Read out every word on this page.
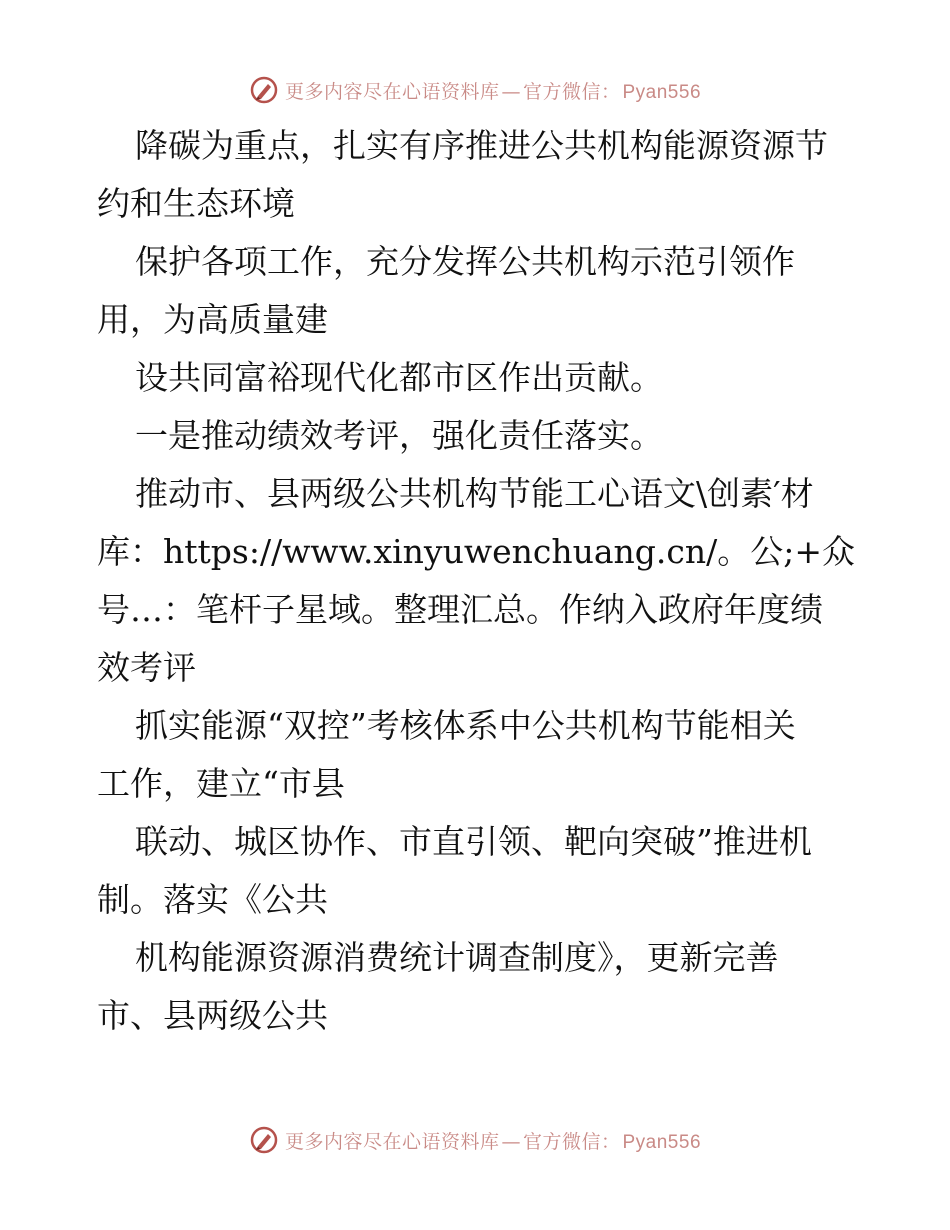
更多内容尽在心语资料库 — 官方微信： Pyan556
降碳为重点，扎实有序推进公共机构能源资源节
约和生态环境
保护各项工作，充分发挥公共机构示范引领作
用，为高质量建
设共同富裕现代化都市区作出贡献。
一是推动绩效考评，强化责任落实。
推动市、县两级公共机构节能工心语文\创素′材
库：https://www.xinyuwenchuang.cn/。公;+众
号…：笔杆子星域。整理汇总。作纳入政府年度绩
效考评
抓实能源“双控”考核体系中公共机构节能相关
工作，建立“市县
联动、城区协作、市直引领、靶向突破”推进机
制。落实《公共
机构能源资源消费统计调查制度》，更新完善
市、县两级公共
更多内容尽在心语资料库 — 官方微信： Pyan556
